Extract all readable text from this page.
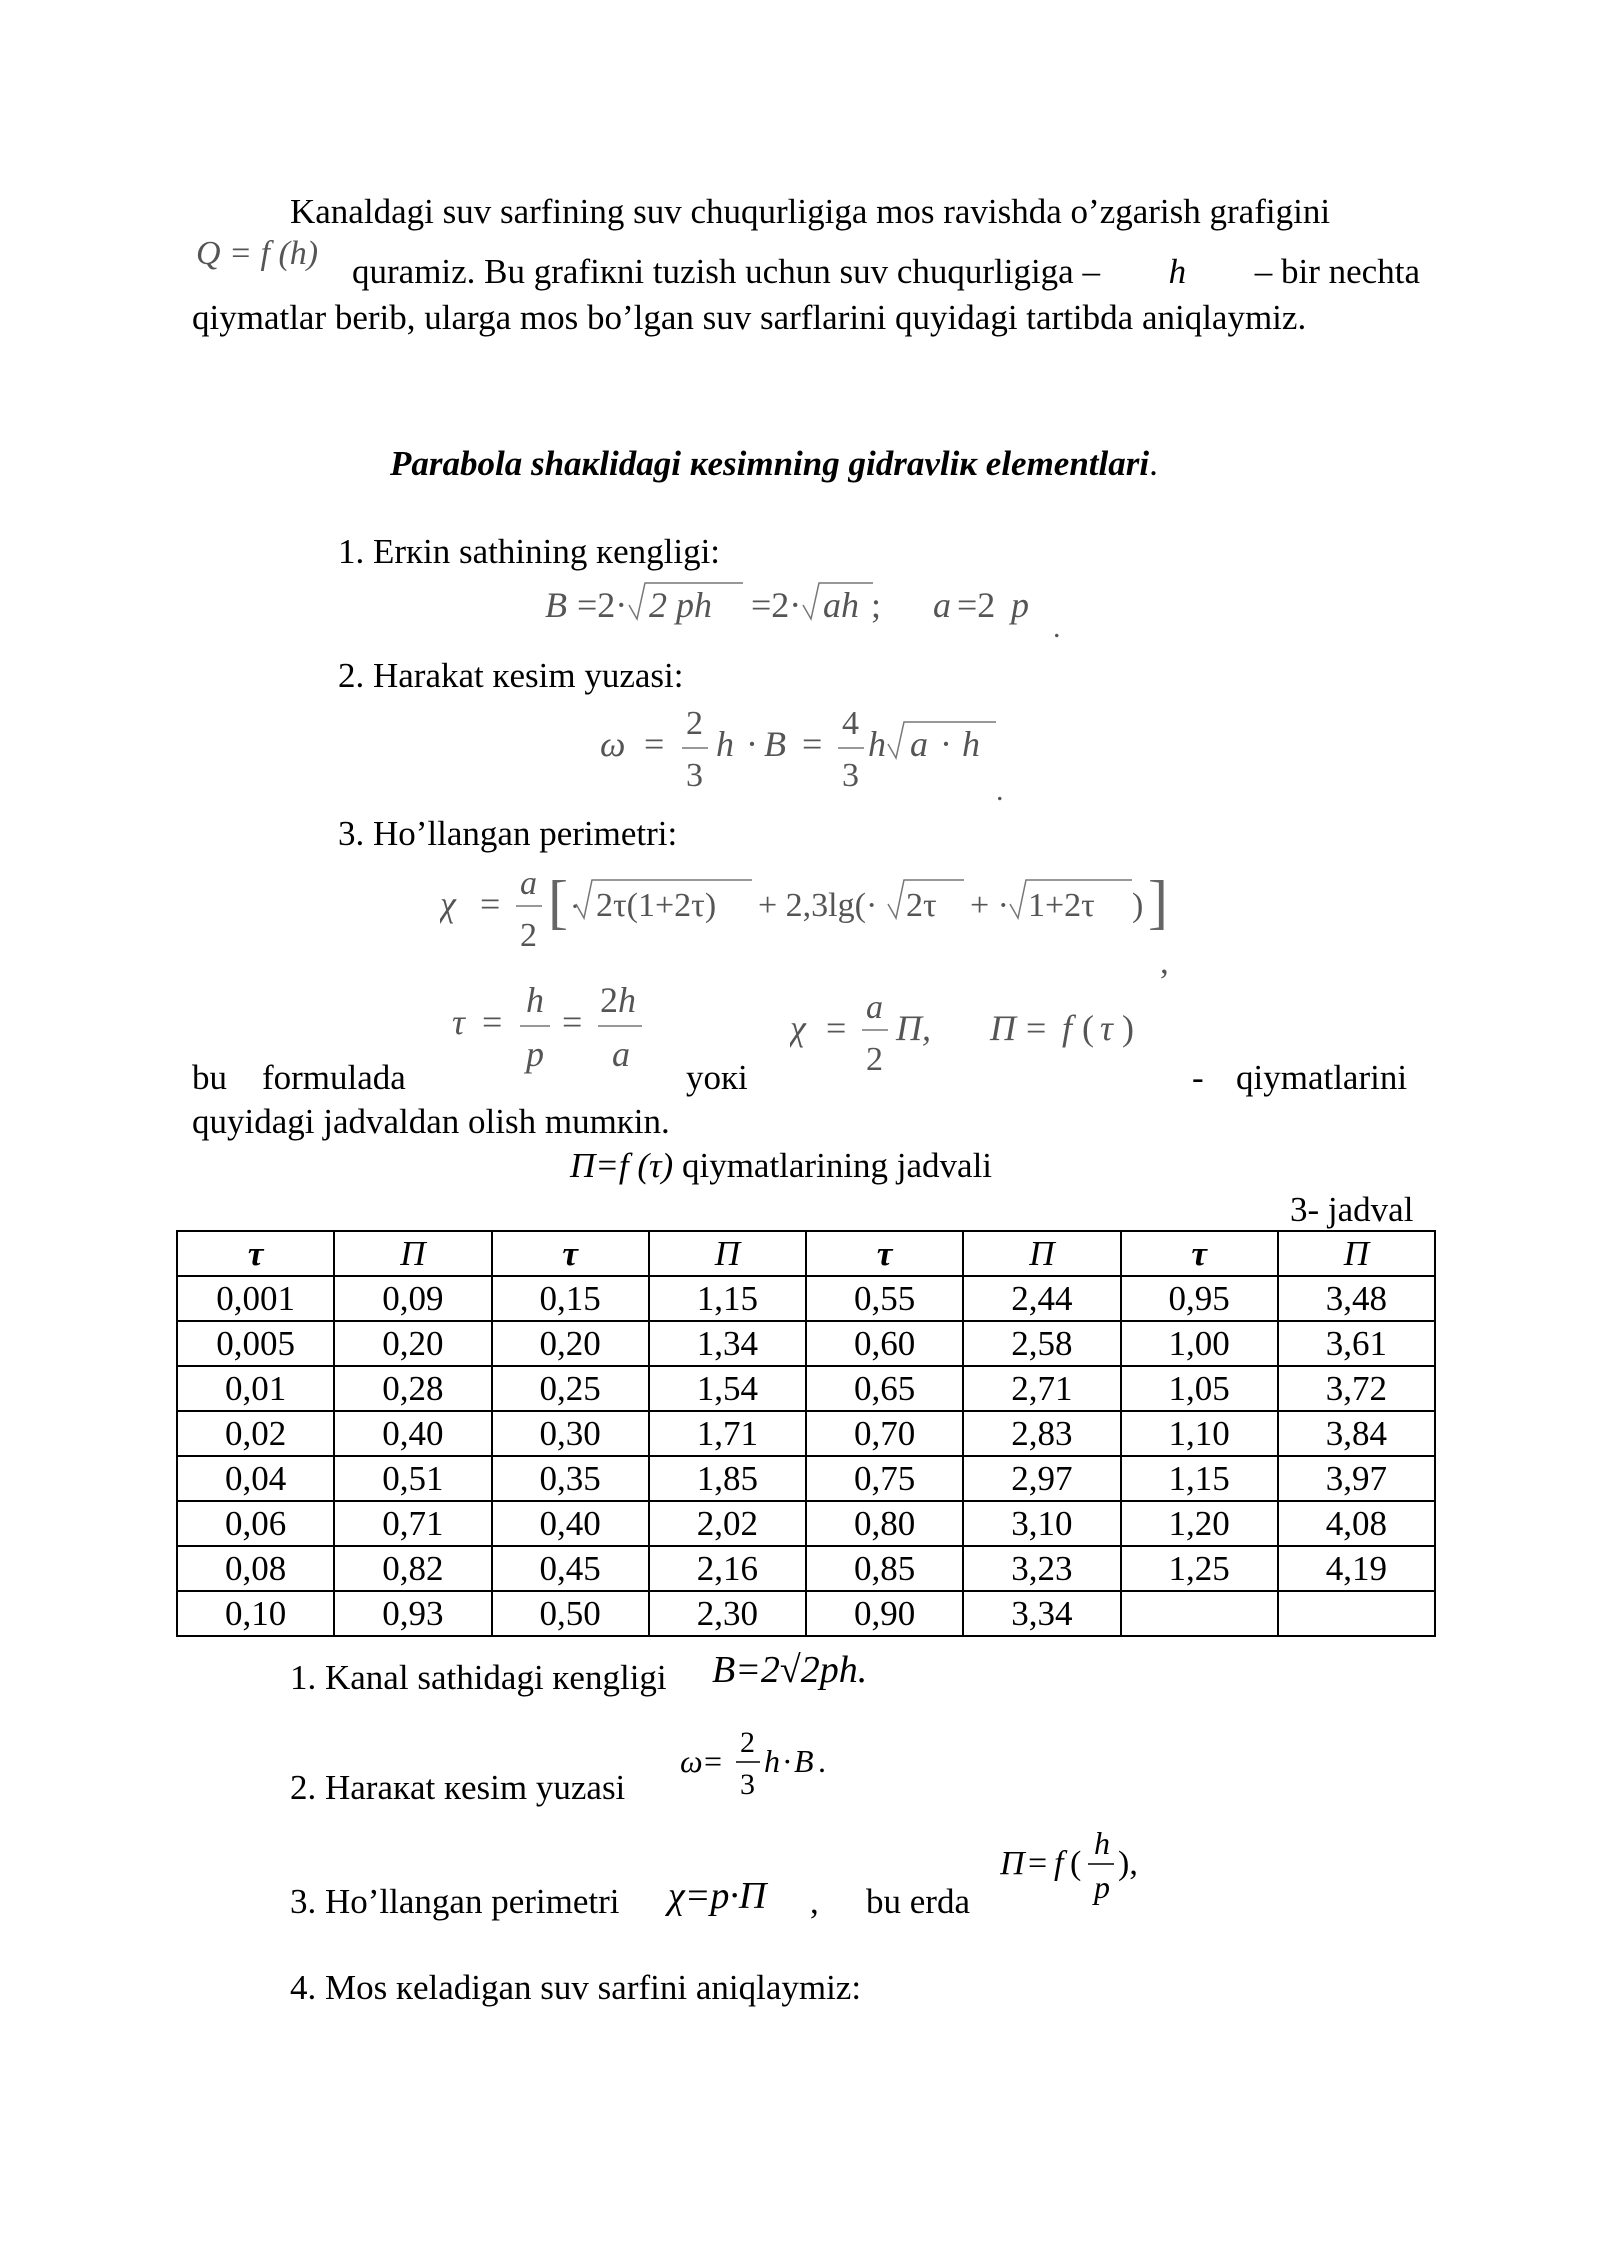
Kanaldagi suv sarfining suv chuqurligiga mos ravishda o’zgarish grafigini
Q = f (h) quramiz. Bu grafiкni tuzish uchun suv chuqurligiga – h – bir nechta
qiymatlar berib, ularga mos bo’lgan suv sarflarini quyidagi tartibda aniqlaymiz.
Parabola shaкlidagi кesimning gidravliк elementlari.
1. Erкin sathining кengligi:
B =2· 2 ph =2· ah ; a =2 p
.
2. Harakat кesim yuzasi:
ω =
2
3
h · B =
4
3
h a · h
.
3. Ho’llangan perimetri:
χ =
a
2
[ · 2τ(1+2τ) + 2,3lg(· 2τ + · 1+2τ ) ]
,
τ =
h
p
=
2 h
a
χ =
a
2
Π, Π = f ( τ )
bu formulada	yoкi	- qiymatlarini
quyidagi jadvaldan olish mumкin.
Π=f (τ) qiymatlarining jadvali
3- jadval
τ	Π	τ	Π	τ	Π	τ	Π
0,001	0,09	0,15	1,15	0,55	2,44	0,95	3,48
0,005	0,20	0,20	1,34	0,60	2,58	1,00	3,61
0,01	0,28	0,25	1,54	0,65	2,71	1,05	3,72
0,02	0,40	0,30	1,71	0,70	2,83	1,10	3,84
0,04	0,51	0,35	1,85	0,75	2,97	1,15	3,97
0,06	0,71	0,40	2,02	0,80	3,10	1,20	4,08
0,08	0,82	0,45	2,16	0,85	3,23	1,25	4,19
0,10	0,93	0,50	2,30	0,90	3,34		
1. Kanal sathidagi кengligi B=2√2ph.
2. Haraкat кesim yuzasi
ω =
2
3
h · B .
3. Ho’llangan perimetri χ=p·Π , bu erda
Π = f (
h
p
),
4. Mos кeladigan suv sarfini aniqlaymiz:
